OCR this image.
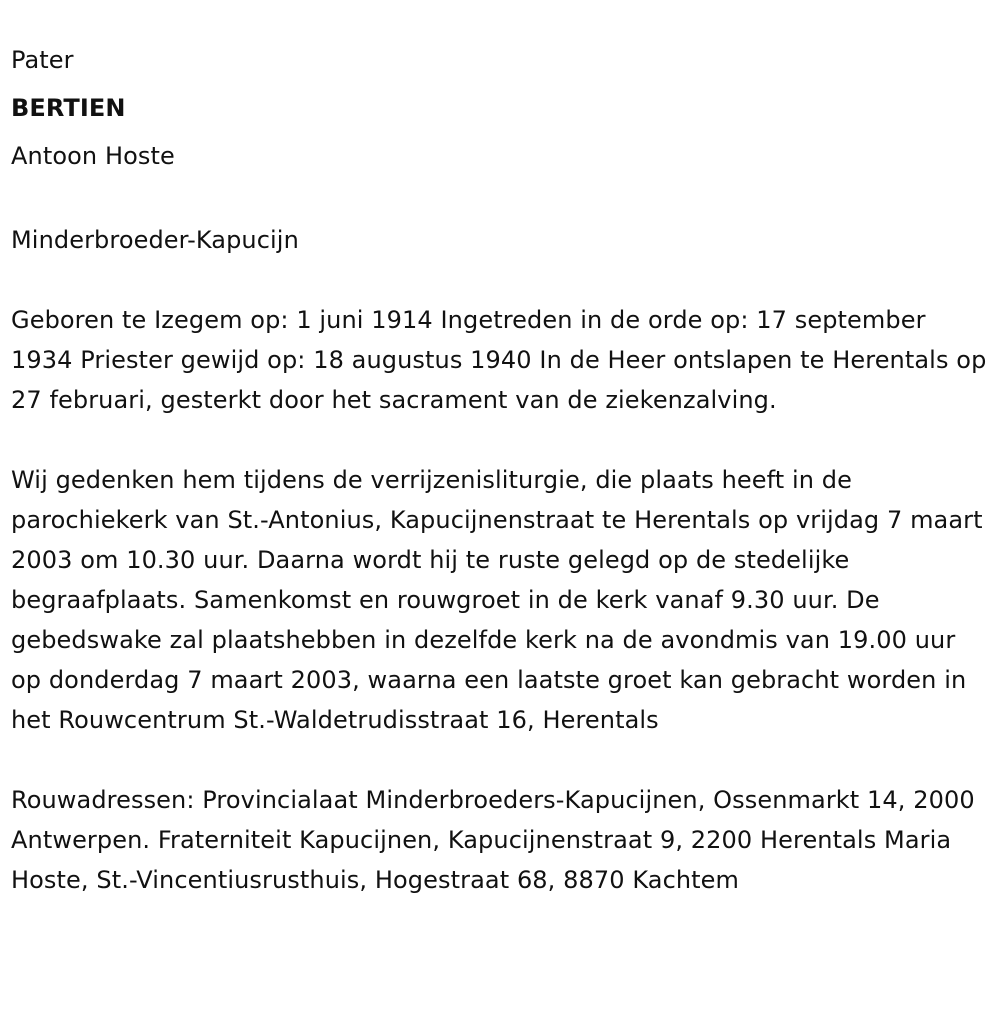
Pater

BERTIEN

Antoon Hoste

Minderbroeder-Kapucijn

Geboren te Izegem op: 1 juni 1914 Ingetreden in de orde op: 17 september 1934 Priester gewijd op: 18 augustus 1940 In de Heer ontslapen te Herentals op 27 februari, gesterkt door het sacrament van de ziekenzalving.

Wij gedenken hem tijdens de verrijzenisliturgie, die plaats heeft in de parochiekerk van St.-Antonius, Kapucijnenstraat te Herentals op vrijdag 7 maart 2003 om 10.30 uur. Daarna wordt hij te ruste gelegd op de stedelijke begraafplaats. Samenkomst en rouwgroet in de kerk vanaf 9.30 uur. De gebedswake zal plaatshebben in dezelfde kerk na de avondmis van 19.00 uur op donderdag 7 maart 2003, waarna een laatste groet kan gebracht worden in het Rouwcentrum St.-Waldetrudisstraat 16, Herentals

Rouwadressen: Provincialaat Minderbroeders-Kapucijnen, Ossenmarkt 14, 2000 Antwerpen. Fraterniteit Kapucijnen, Kapucijnenstraat 9, 2200 Herentals Maria Hoste, St.-Vincentiusrusthuis, Hogestraat 68, 8870 Kachtem
